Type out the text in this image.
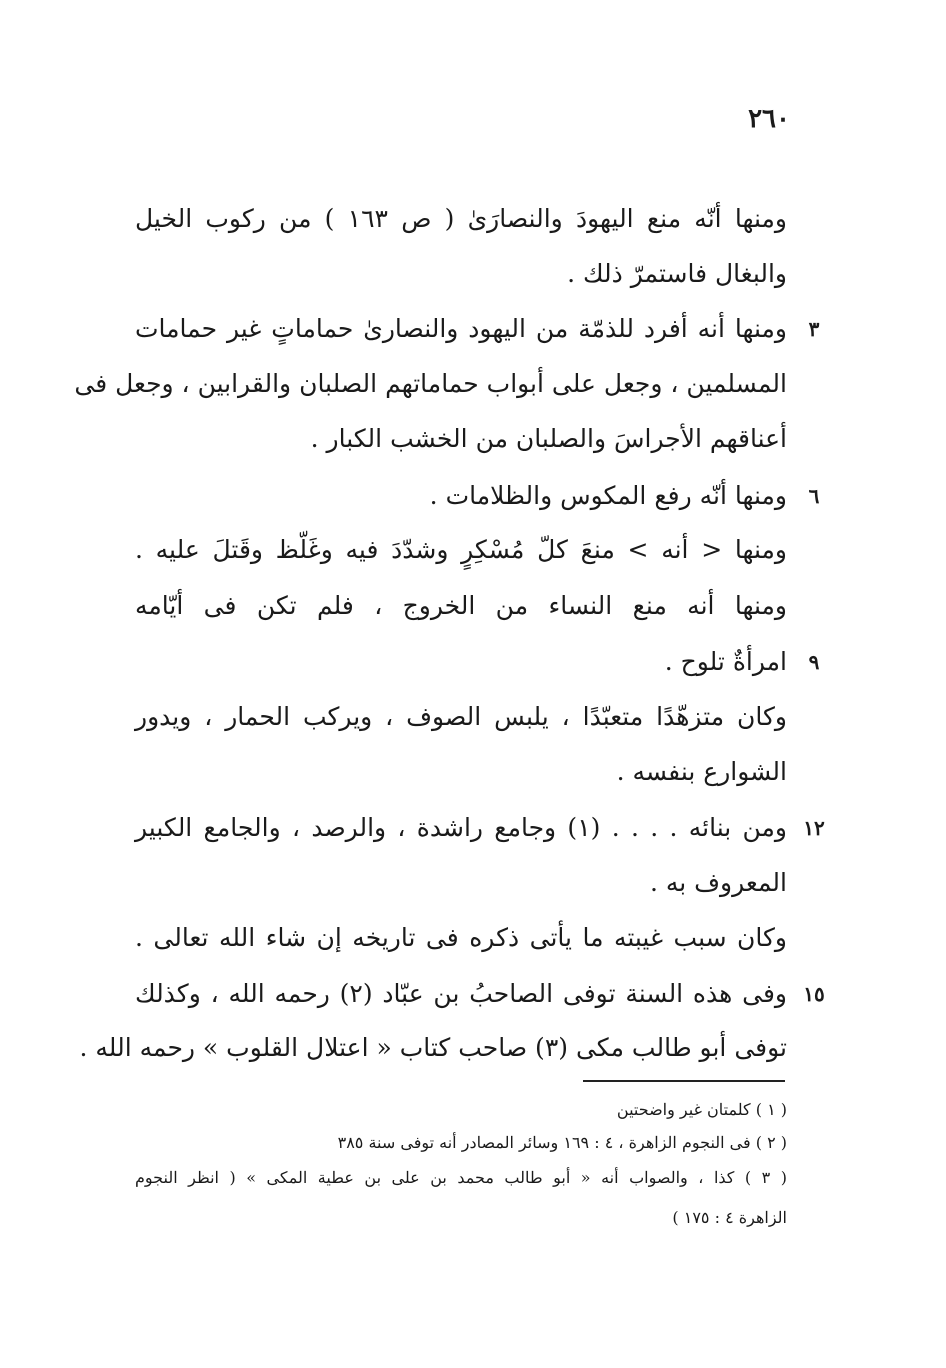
٢٦٠
٣
٦
٩
١٢
١٥
ومنها أنّه منع اليهودَ والنصارَىٰ ( ص ١٦٣ ) من ركوب الخيل
والبغال فاستمرّ ذلك .
ومنها أنه أفرد للذمّة من اليهود والنصارىٰ حماماتٍ غير حمامات
المسلمين ، وجعل على أبواب حماماتهم الصلبان والقرابين ، وجعل فى
أعناقهم الأجراسَ والصلبان من الخشب الكبار .
ومنها أنّه رفع المكوس والظلامات .
ومنها < أنه > منعَ كلّ مُسْكِرٍ وشدّدَ فيه وغَلّظ وقَتلَ عليه .
ومنها أنه منع النساء من الخروج ، فلم تكن فى أيّامه
امرأةٌ تلوح .
وكان متزهّدًا متعبّدًا ، يلبس الصوف ، ويركب الحمار ، ويدور
الشوارع بنفسه .
ومن بنائه . . . . (١) وجامع راشدة ، والرصد ، والجامع الكبير
المعروف به .
وكان سبب غيبته ما يأتى ذكره فى تاريخه إن شاء الله تعالى .
وفى هذه السنة توفى الصاحبُ بن عبّاد (٢) رحمه الله ، وكذلك
توفى أبو طالب مكى (٣) صاحب كتاب « اعتلال القلوب » رحمه الله .
( ١ ) كلمتان غير واضحتين
( ٢ ) فى النجوم الزاهرة ، ٤ : ١٦٩ وسائر المصادر أنه توفى سنة ٣٨٥
( ٣ ) كذا ، والصواب أنه « أبو طالب محمد بن على بن عطية المكى » ( انظر النجوم
الزاهرة ٤ : ١٧٥ )
